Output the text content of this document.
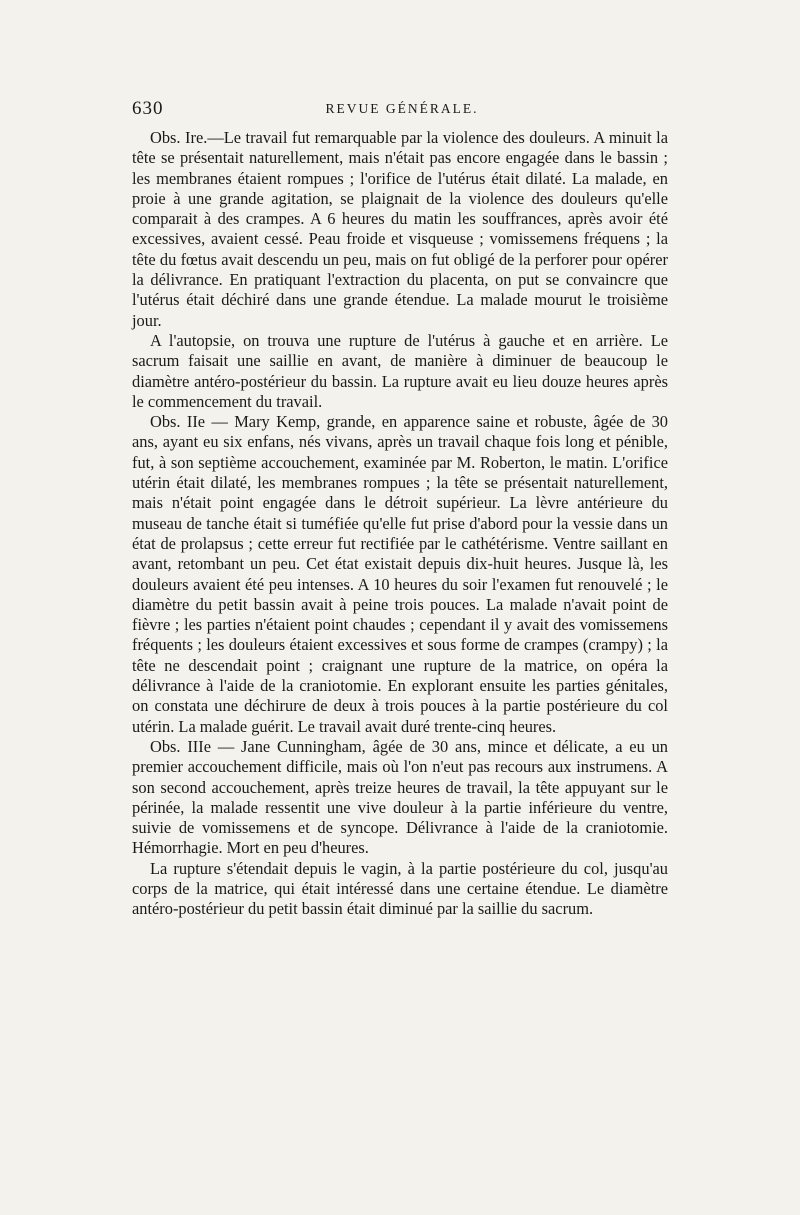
630	REVUE GÉNÉRALE.

Obs. Ire.—Le travail fut remarquable par la violence des douleurs. A minuit la tête se présentait naturellement, mais n'était pas encore engagée dans le bassin ; les membranes étaient rompues ; l'orifice de l'utérus était dilaté. La malade, en proie à une grande agitation, se plaignait de la violence des douleurs qu'elle comparait à des crampes. A 6 heures du matin les souffrances, après avoir été excessives, avaient cessé. Peau froide et visqueuse ; vomissemens fréquens ; la tête du fœtus avait descendu un peu, mais on fut obligé de la perforer pour opérer la délivrance. En pratiquant l'extraction du placenta, on put se convaincre que l'utérus était déchiré dans une grande étendue. La malade mourut le troisième jour.

A l'autopsie, on trouva une rupture de l'utérus à gauche et en arrière. Le sacrum faisait une saillie en avant, de manière à diminuer de beaucoup le diamètre antéro-postérieur du bassin. La rupture avait eu lieu douze heures après le commencement du travail.

Obs. IIe — Mary Kemp, grande, en apparence saine et robuste, âgée de 30 ans, ayant eu six enfans, nés vivans, après un travail chaque fois long et pénible, fut, à son septième accouchement, examinée par M. Roberton, le matin. L'orifice utérin était dilaté, les membranes rompues ; la tête se présentait naturellement, mais n'était point engagée dans le détroit supérieur. La lèvre antérieure du museau de tanche était si tuméfiée qu'elle fut prise d'abord pour la vessie dans un état de prolapsus ; cette erreur fut rectifiée par le cathétérisme. Ventre saillant en avant, retombant un peu. Cet état existait depuis dix-huit heures. Jusque là, les douleurs avaient été peu intenses. A 10 heures du soir l'examen fut renouvelé ; le diamètre du petit bassin avait à peine trois pouces. La malade n'avait point de fièvre ; les parties n'étaient point chaudes ; cependant il y avait des vomissemens fréquents ; les douleurs étaient excessives et sous forme de crampes (crampy) ; la tête ne descendait point ; craignant une rupture de la matrice, on opéra la délivrance à l'aide de la craniotomie. En explorant ensuite les parties génitales, on constata une déchirure de deux à trois pouces à la partie postérieure du col utérin. La malade guérit. Le travail avait duré trente-cinq heures.

Obs. IIIe — Jane Cunningham, âgée de 30 ans, mince et délicate, a eu un premier accouchement difficile, mais où l'on n'eut pas recours aux instrumens. A son second accouchement, après treize heures de travail, la tête appuyant sur le périnée, la malade ressentit une vive douleur à la partie inférieure du ventre, suivie de vomissemens et de syncope. Délivrance à l'aide de la craniotomie. Hémorrhagie. Mort en peu d'heures.

La rupture s'étendait depuis le vagin, à la partie postérieure du col, jusqu'au corps de la matrice, qui était intéressé dans une certaine étendue. Le diamètre antéro-postérieur du petit bassin était diminué par la saillie du sacrum.
